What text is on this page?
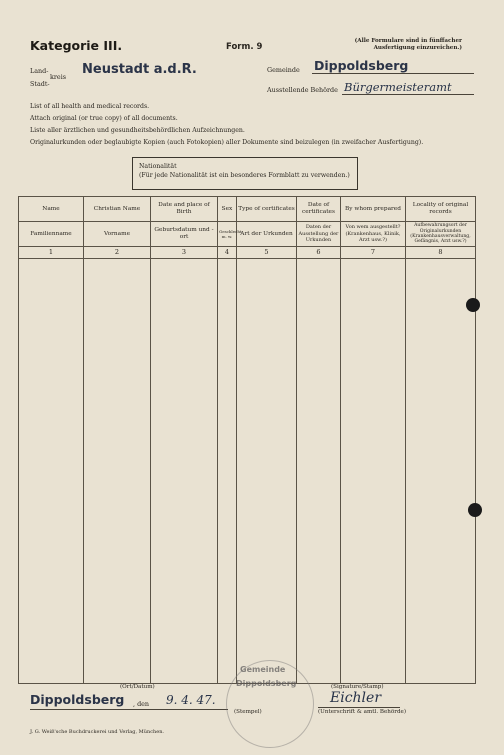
Kategorie III.	Form. 9
(Alle Formulare sind in fünffacher
Ausfertigung einzureichen.)
Land-
kreis
Stadt-
Neustadt a.d.R.	Gemeinde Dippoldsberg
Ausstellende Behörde Bürgermeisteramt
List of all health and medical records.
Attach original (or true copy) of all documents.
Liste aller ärztlichen und gesundheitsbehördlichen Aufzeichnungen.
Originalurkunden oder beglaubigte Kopien (auch Fotokopien) aller Dokumente sind beizulegen (in zweifacher Ausfertigung).
Nationalität
(Für jede Nationalität ist ein besonderes Formblatt zu verwenden.)
Name	Christian Name	Date and place of Birth	Sex	Type of certificates	Date of certificates	By whom prepared	Locality of original records
Familienname	Vorname	Geburtsdatum und -ort	Geschlecht m. w.	Art der Urkunden	Daten der Ausstellung der Urkunden	Von wem ausgestellt? (Krankenhaus, Klinik, Arzt usw.?)	Aufbewahrungsort der Originalurkunden (Krankenhausverwaltung, Gefängnis, Arzt usw.?)
1	2	3	4	5	6	7	8

(Ort/Datum)
Dippoldsberg , den 9. 4. 47.
Gemeinde
Dippoldsberg
(Stempel)
(Signature/Stamp)
Eichler
(Unterschrift & amtl. Behörde)
J. G. Weiß'sche Buchdruckerei und Verlag, München.
